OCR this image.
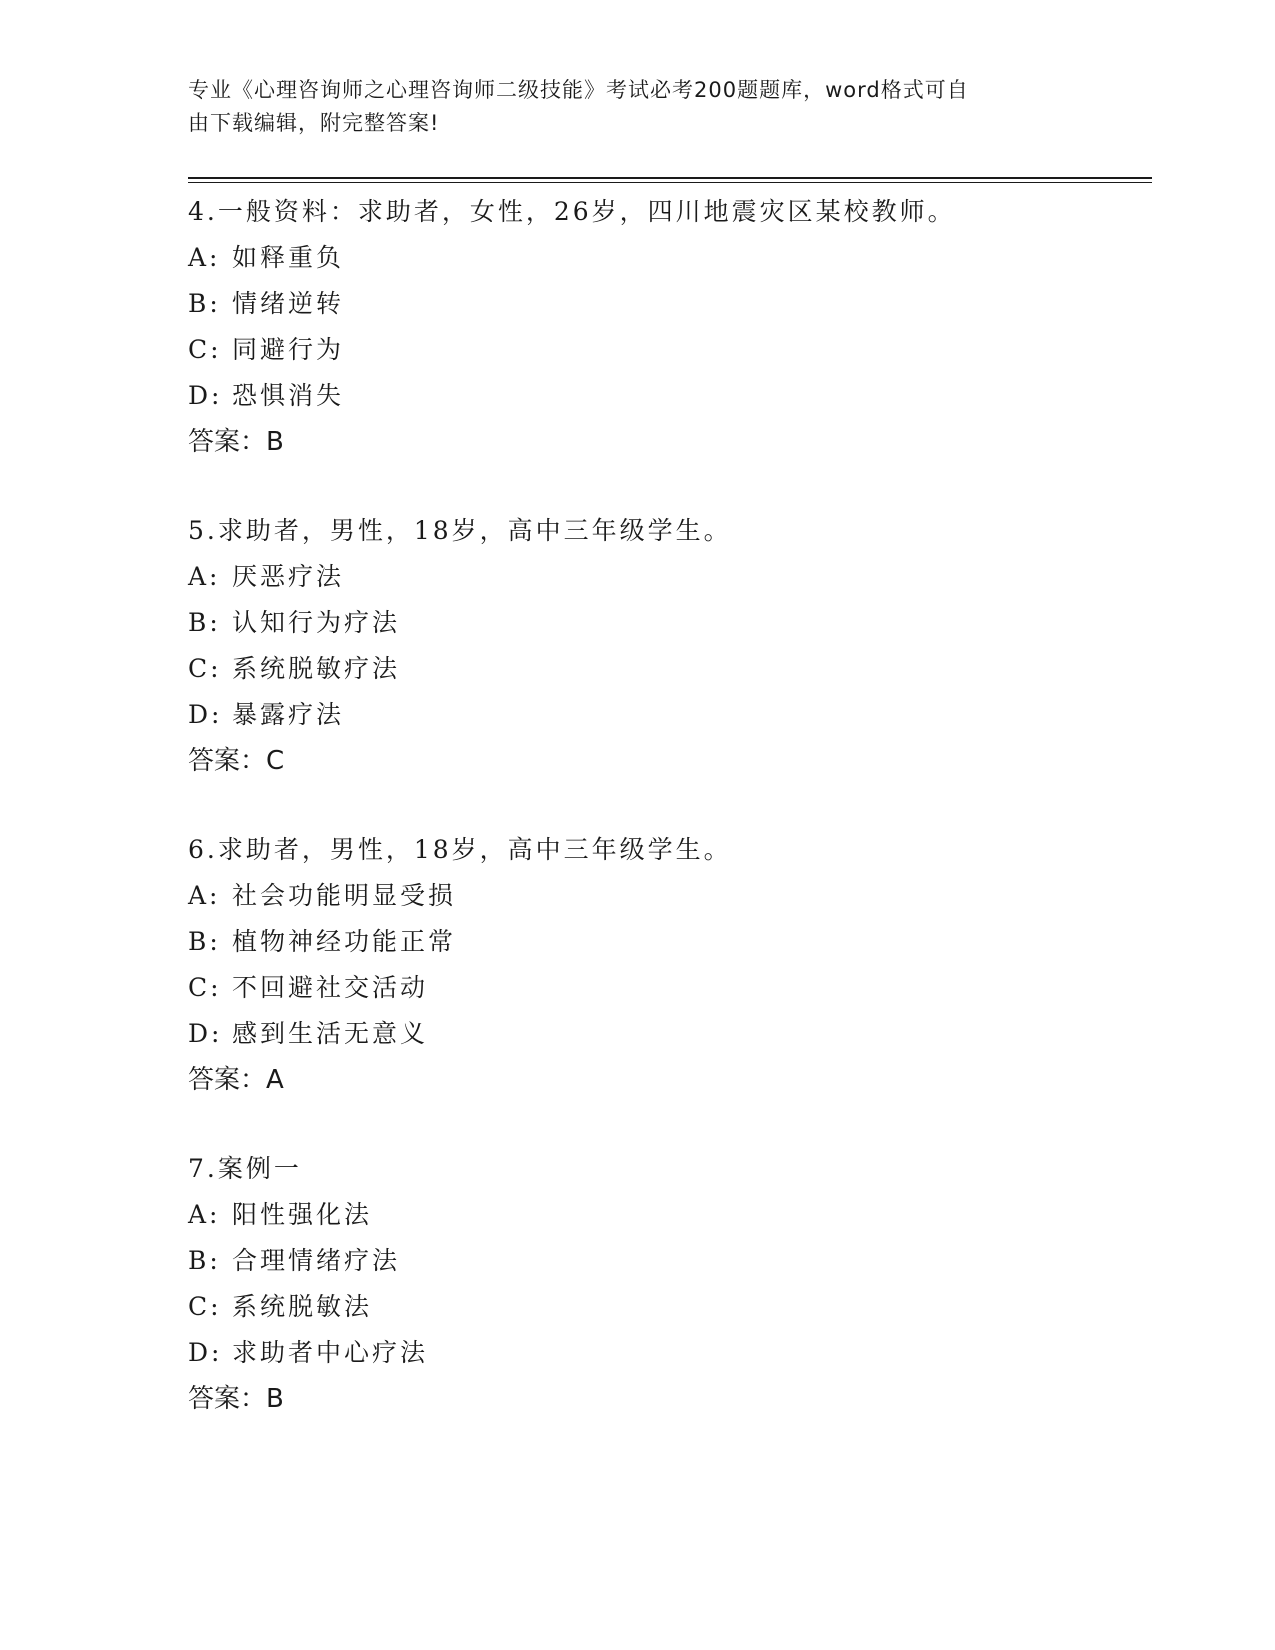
专业《心理咨询师之心理咨询师二级技能》考试必考200题题库，word格式可自
由下载编辑，附完整答案!
4.一般资料：求助者，女性，26岁，四川地震灾区某校教师。
A: 如释重负
B: 情绪逆转
C: 同避行为
D: 恐惧消失
答案：B
5.求助者，男性，18岁，高中三年级学生。
A: 厌恶疗法
B: 认知行为疗法
C: 系统脱敏疗法
D: 暴露疗法
答案：C
6.求助者，男性，18岁，高中三年级学生。
A: 社会功能明显受损
B: 植物神经功能正常
C: 不回避社交活动
D: 感到生活无意义
答案：A
7.案例一
A: 阳性强化法
B: 合理情绪疗法
C: 系统脱敏法
D: 求助者中心疗法
答案：B
